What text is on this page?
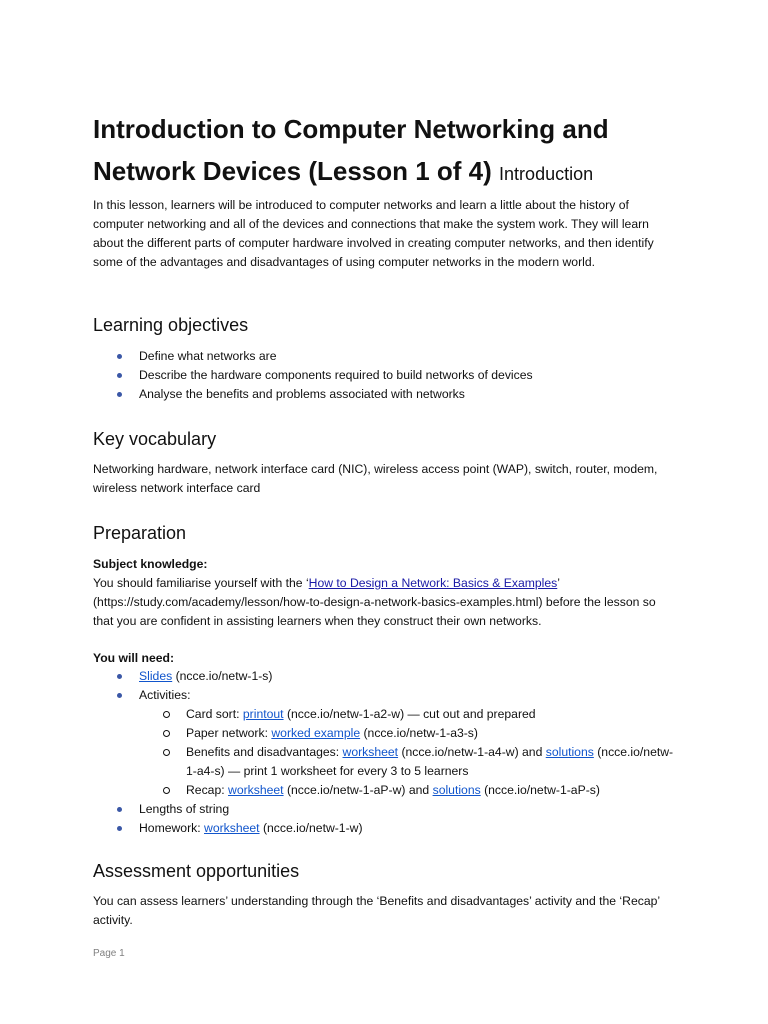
Introduction to Computer Networking and Network Devices (Lesson 1 of 4) Introduction

In this lesson, learners will be introduced to computer networks and learn a little about the history of computer networking and all of the devices and connections that make the system work. They will learn about the different parts of computer hardware involved in creating computer networks, and then identify some of the advantages and disadvantages of using computer networks in the modern world.

Learning objectives
Define what networks are
Describe the hardware components required to build networks of devices
Analyse the benefits and problems associated with networks
Key vocabulary

Networking hardware, network interface card (NIC), wireless access point (WAP), switch, router, modem, wireless network interface card

Preparation

Subject knowledge:
You should familiarise yourself with the ‘How to Design a Network: Basics & Examples’ (https://study.com/academy/lesson/how-to-design-a-network-basics-examples.html) before the lesson so that you are confident in assisting learners when they construct their own networks.

You will need:

Slides (ncce.io/netw-1-s)
Activities:
Card sort: printout (ncce.io/netw-1-a2-w) — cut out and prepared
Paper network: worked example (ncce.io/netw-1-a3-s)
Benefits and disadvantages: worksheet (ncce.io/netw-1-a4-w) and solutions (ncce.io/netw-1-a4-s) — print 1 worksheet for every 3 to 5 learners
Recap: worksheet (ncce.io/netw-1-aP-w) and solutions (ncce.io/netw-1-aP-s)
Lengths of string
Homework: worksheet (ncce.io/netw-1-w)
Assessment opportunities

You can assess learners’ understanding through the ‘Benefits and disadvantages’ activity and the ‘Recap’ activity.

Page 1
